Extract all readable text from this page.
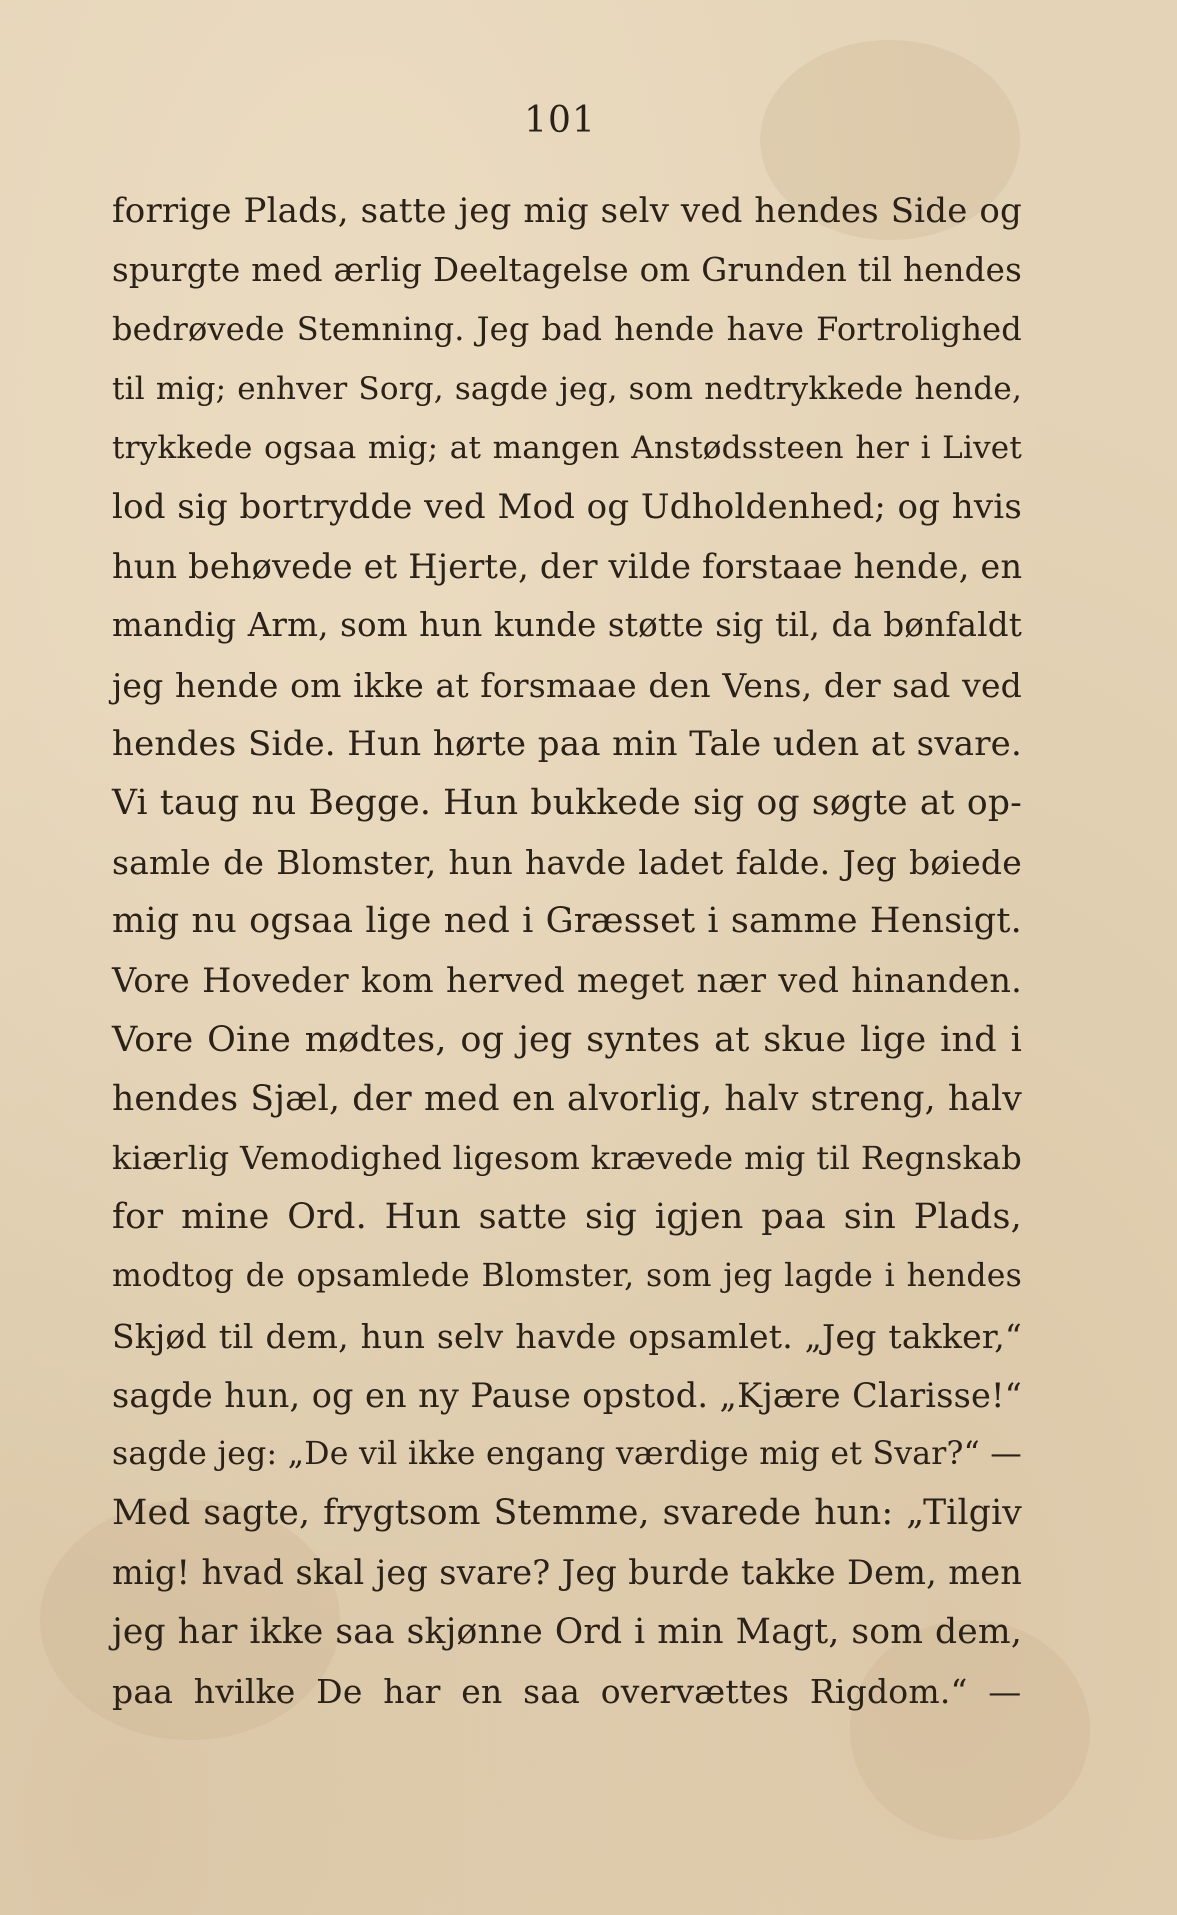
101
forrige Plads, satte jeg mig selv ved hendes Side og
spurgte med ærlig Deeltagelse om Grunden til hendes
bedrøvede Stemning. Jeg bad hende have Fortrolighed
til mig; enhver Sorg, sagde jeg, som nedtrykkede hende,
trykkede ogsaa mig; at mangen Anstødssteen her i Livet
lod sig bortrydde ved Mod og Udholdenhed; og hvis
hun behøvede et Hjerte, der vilde forstaae hende, en
mandig Arm, som hun kunde støtte sig til, da bønfaldt
jeg hende om ikke at forsmaae den Vens, der sad ved
hendes Side. Hun hørte paa min Tale uden at svare.
Vi taug nu Begge. Hun bukkede sig og søgte at op-
samle de Blomster, hun havde ladet falde. Jeg bøiede
mig nu ogsaa lige ned i Græsset i samme Hensigt.
Vore Hoveder kom herved meget nær ved hinanden.
Vore Oine mødtes, og jeg syntes at skue lige ind i
hendes Sjæl, der med en alvorlig, halv streng, halv
kiærlig Vemodighed ligesom krævede mig til Regnskab
for mine Ord. Hun satte sig igjen paa sin Plads,
modtog de opsamlede Blomster, som jeg lagde i hendes
Skjød til dem, hun selv havde opsamlet. „Jeg takker,“
sagde hun, og en ny Pause opstod. „Kjære Clarisse!“
sagde jeg: „De vil ikke engang værdige mig et Svar?“ —
Med sagte, frygtsom Stemme, svarede hun: „Tilgiv
mig! hvad skal jeg svare? Jeg burde takke Dem, men
jeg har ikke saa skjønne Ord i min Magt, som dem,
paa hvilke De har en saa overvættes Rigdom.“ —
